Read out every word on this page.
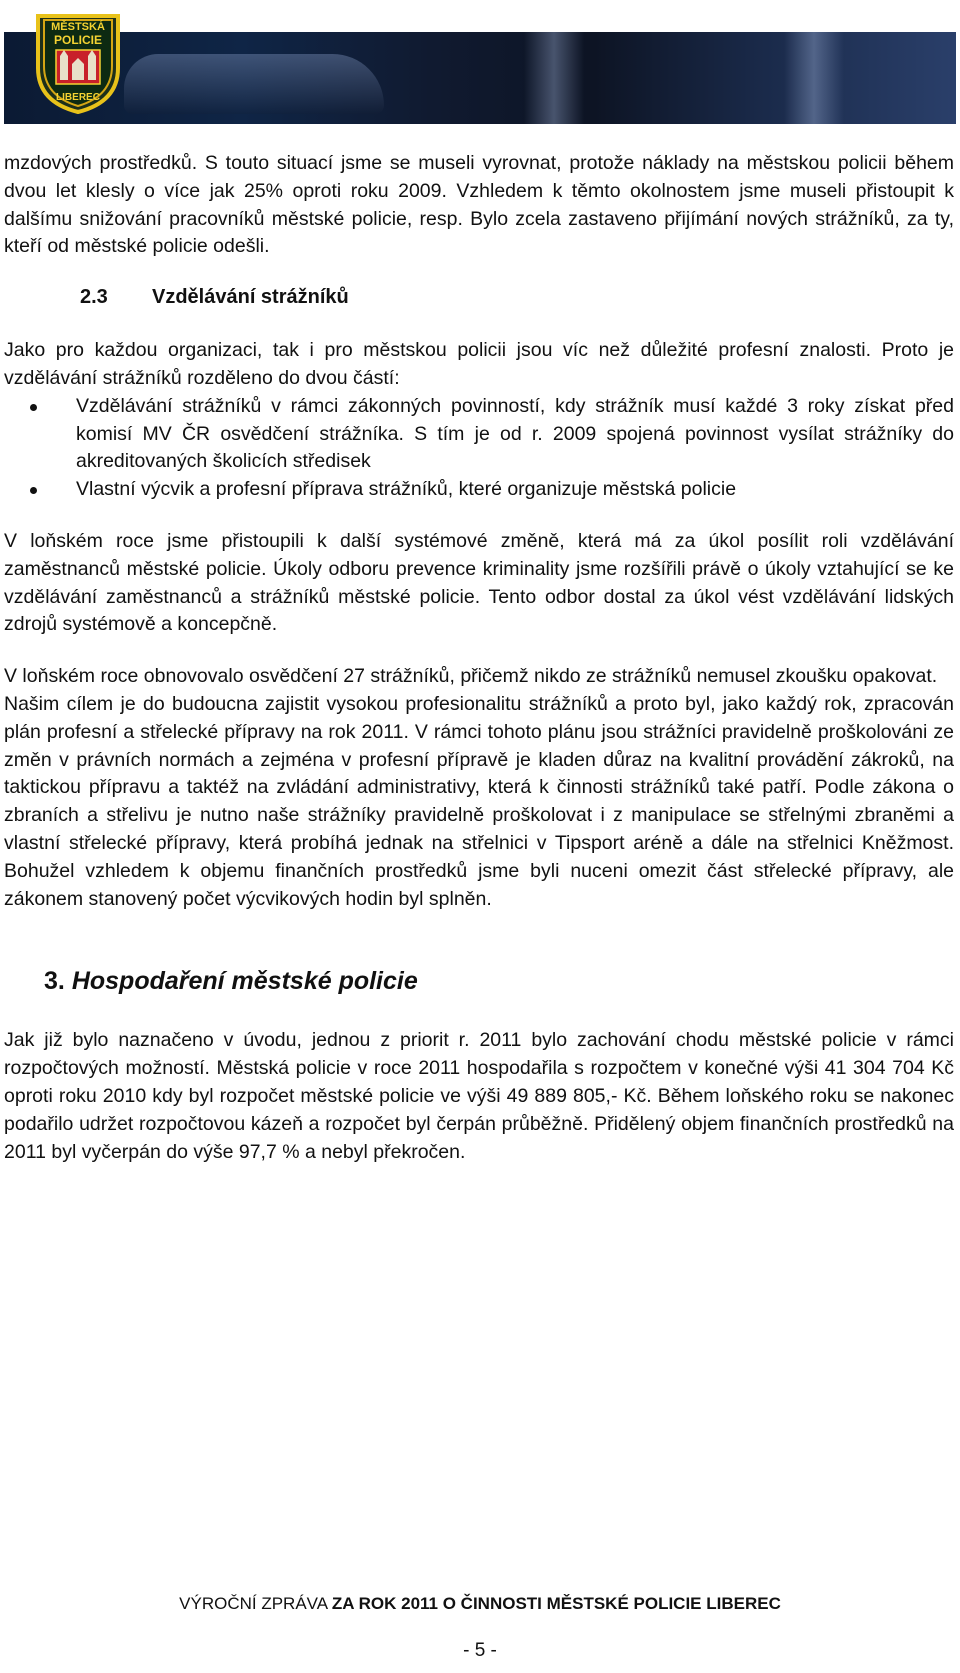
MĚSTSKÁ
POLICIE
LIBEREC

mzdových prostředků. S touto situací jsme se museli vyrovnat, protože náklady na městskou policii během dvou let klesly o více jak 25% oproti roku 2009. Vzhledem k těmto okolnostem jsme museli přistoupit k dalšímu snižování pracovníků městské policie, resp. Bylo zcela zastaveno přijímání nových strážníků, za ty, kteří od městské policie odešli.

2.3 Vzdělávání strážníků

Jako pro každou organizaci, tak i pro městskou policii jsou víc než důležité profesní znalosti. Proto je vzdělávání strážníků rozděleno do dvou částí:

Vzdělávání strážníků v rámci zákonných povinností, kdy strážník musí každé 3 roky získat před komisí MV ČR osvědčení strážníka. S tím je od r. 2009 spojená povinnost vysílat strážníky do akreditovaných školicích středisek
Vlastní výcvik a profesní příprava strážníků, které organizuje městská policie

V loňském roce jsme přistoupili k další systémové změně, která má za úkol posílit roli vzdělávání zaměstnanců městské policie. Úkoly odboru prevence kriminality jsme rozšířili právě o úkoly vztahující se ke vzdělávání zaměstnanců a strážníků městské policie. Tento odbor dostal za úkol vést vzdělávání lidských zdrojů systémově a koncepčně.

V loňském roce obnovovalo osvědčení 27 strážníků, přičemž nikdo ze strážníků nemusel zkoušku opakovat.

Našim cílem je do budoucna zajistit vysokou profesionalitu strážníků a proto byl, jako každý rok, zpracován plán profesní a střelecké přípravy na rok 2011. V rámci tohoto plánu jsou strážníci pravidelně proškolováni ze změn v právních normách a zejména v profesní přípravě je kladen důraz na kvalitní provádění zákroků, na taktickou přípravu a taktéž na zvládání administrativy, která k činnosti strážníků také patří. Podle zákona o zbraních a střelivu je nutno naše strážníky pravidelně proškolovat i z manipulace se střelnými zbraněmi a vlastní střelecké přípravy, která probíhá jednak na střelnici v Tipsport aréně a dále na střelnici Kněžmost. Bohužel vzhledem k objemu finančních prostředků jsme byli nuceni omezit část střelecké přípravy, ale zákonem stanovený počet výcvikových hodin byl splněn.

3. Hospodaření městské policie

Jak již bylo naznačeno v úvodu, jednou z priorit r. 2011 bylo zachování chodu městské policie v rámci rozpočtových možností. Městská policie v roce 2011 hospodařila s rozpočtem v konečné výši 41 304 704 Kč oproti roku 2010 kdy byl rozpočet městské policie ve výši 49 889 805,- Kč. Během loňského roku se nakonec podařilo udržet rozpočtovou kázeň a rozpočet byl čerpán průběžně. Přidělený objem finančních prostředků na 2011 byl vyčerpán do výše 97,7 % a nebyl překročen.

VÝROČNÍ ZPRÁVA ZA ROK 2011 O ČINNOSTI MĚSTSKÉ POLICIE LIBEREC
- 5 -
